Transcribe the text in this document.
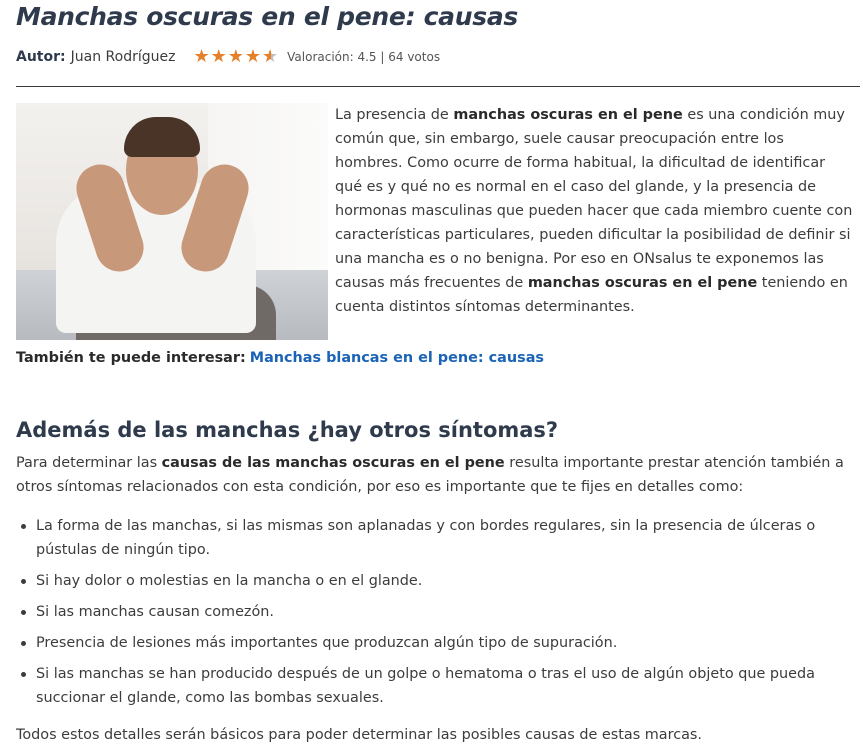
Manchas oscuras en el pene: causas
Autor: Juan Rodríguez ★ ★ ★ ★ ★ Valoración: 4.5 | 64 votos

La presencia de manchas oscuras en el pene es una condición muy común que, sin embargo, suele causar preocupación entre los hombres. Como ocurre de forma habitual, la dificultad de identificar qué es y qué no es normal en el caso del glande, y la presencia de hormonas masculinas que pueden hacer que cada miembro cuente con características particulares, pueden dificultar la posibilidad de definir si una mancha es o no benigna. Por eso en ONsalus te exponemos las causas más frecuentes de manchas oscuras en el pene teniendo en cuenta distintos síntomas determinantes.

También te puede interesar: Manchas blancas en el pene: causas
Además de las manchas ¿hay otros síntomas?

Para determinar las causas de las manchas oscuras en el pene resulta importante prestar atención también a otros síntomas relacionados con esta condición, por eso es importante que te fijes en detalles como:

La forma de las manchas, si las mismas son aplanadas y con bordes regulares, sin la presencia de úlceras o pústulas de ningún tipo.
Si hay dolor o molestias en la mancha o en el glande.
Si las manchas causan comezón.
Presencia de lesiones más importantes que produzcan algún tipo de supuración.
Si las manchas se han producido después de un golpe o hematoma o tras el uso de algún objeto que pueda succionar el glande, como las bombas sexuales.

Todos estos detalles serán básicos para poder determinar las posibles causas de estas marcas.
